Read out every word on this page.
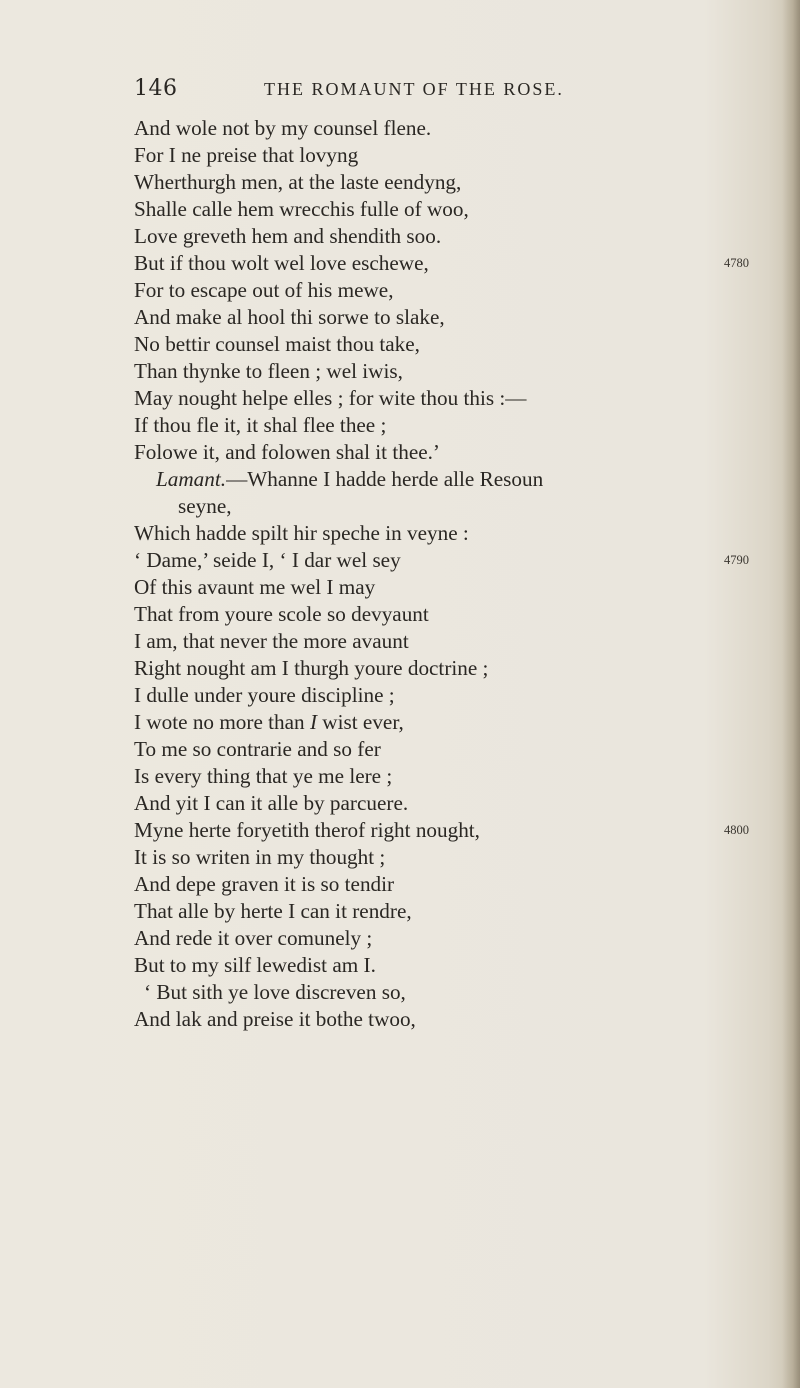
146	THE ROMAUNT OF THE ROSE.
And wole not by my counsel flene.
For I ne preise that lovyng
Wherthurgh men, at the laste eendyng,
Shalle calle hem wrecchis fulle of woo,
Love greveth hem and shendith soo.
But if thou wolt wel love eschewe,
For to escape out of his mewe,
And make al hool thi sorwe to slake,
No bettir counsel maist thou take,
Than thynke to fleen ; wel iwis,
May nought helpe elles ; for wite thou this :—
If thou fle it, it shal flee thee ;
Folowe it, and folowen shal it thee.’
Lamant.—Whanne I hadde herde alle Resoun
seyne,
Which hadde spilt hir speche in veyne :
‘ Dame,’ seide I, ‘ I dar wel sey
Of this avaunt me wel I may
That from youre scole so devyaunt
I am, that never the more avaunt
Right nought am I thurgh youre doctrine ;
I dulle under youre discipline ;
I wote no more than I wist ever,
To me so contrarie and so fer
Is every thing that ye me lere ;
And yit I can it alle by parcuere.
Myne herte foryetith therof right nought,
It is so writen in my thought ;
And depe graven it is so tendir
That alle by herte I can it rendre,
And rede it over comunely ;
But to my silf lewedist am I.
‘ But sith ye love discreven so,
And lak and preise it bothe twoo,
4780
4790
4800
